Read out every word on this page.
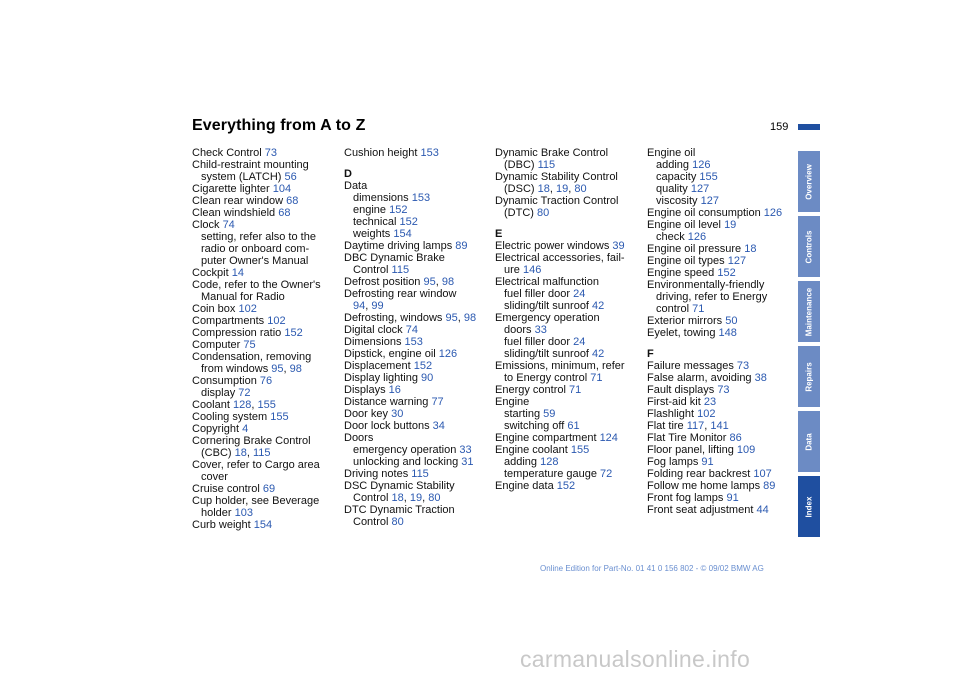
Everything from A to Z	159
Check Control 73
Child-restraint mounting
system (LATCH) 56
Cigarette lighter 104
Clean rear window 68
Clean windshield 68
Clock 74
setting, refer also to the
radio or onboard com-
puter Owner's Manual
Cockpit 14
Code, refer to the Owner's
Manual for Radio
Coin box 102
Compartments 102
Compression ratio 152
Computer 75
Condensation, removing
from windows 95, 98
Consumption 76
display 72
Coolant 128, 155
Cooling system 155
Copyright 4
Cornering Brake Control
(CBC) 18, 115
Cover, refer to Cargo area
cover
Cruise control 69
Cup holder, see Beverage
holder 103
Curb weight 154
Cushion height 153
D
Data
dimensions 153
engine 152
technical 152
weights 154
Daytime driving lamps 89
DBC Dynamic Brake
Control 115
Defrost position 95, 98
Defrosting rear window
94, 99
Defrosting, windows 95, 98
Digital clock 74
Dimensions 153
Dipstick, engine oil 126
Displacement 152
Display lighting 90
Displays 16
Distance warning 77
Door key 30
Door lock buttons 34
Doors
emergency operation 33
unlocking and locking 31
Driving notes 115
DSC Dynamic Stability
Control 18, 19, 80
DTC Dynamic Traction
Control 80
Dynamic Brake Control
(DBC) 115
Dynamic Stability Control
(DSC) 18, 19, 80
Dynamic Traction Control
(DTC) 80
E
Electric power windows 39
Electrical accessories, fail-
ure 146
Electrical malfunction
fuel filler door 24
sliding/tilt sunroof 42
Emergency operation
doors 33
fuel filler door 24
sliding/tilt sunroof 42
Emissions, minimum, refer
to Energy control 71
Energy control 71
Engine
starting 59
switching off 61
Engine compartment 124
Engine coolant 155
adding 128
temperature gauge 72
Engine data 152
Engine oil
adding 126
capacity 155
quality 127
viscosity 127
Engine oil consumption 126
Engine oil level 19
check 126
Engine oil pressure 18
Engine oil types 127
Engine speed 152
Environmentally-friendly
driving, refer to Energy
control 71
Exterior mirrors 50
Eyelet, towing 148
F
Failure messages 73
False alarm, avoiding 38
Fault displays 73
First-aid kit 23
Flashlight 102
Flat tire 117, 141
Flat Tire Monitor 86
Floor panel, lifting 109
Fog lamps 91
Folding rear backrest 107
Follow me home lamps 89
Front fog lamps 91
Front seat adjustment 44
Overview
Controls
Maintenance
Repairs
Data
Index
Online Edition for Part-No. 01 41 0 156 802 - © 09/02 BMW AG
carmanualsonline.info
